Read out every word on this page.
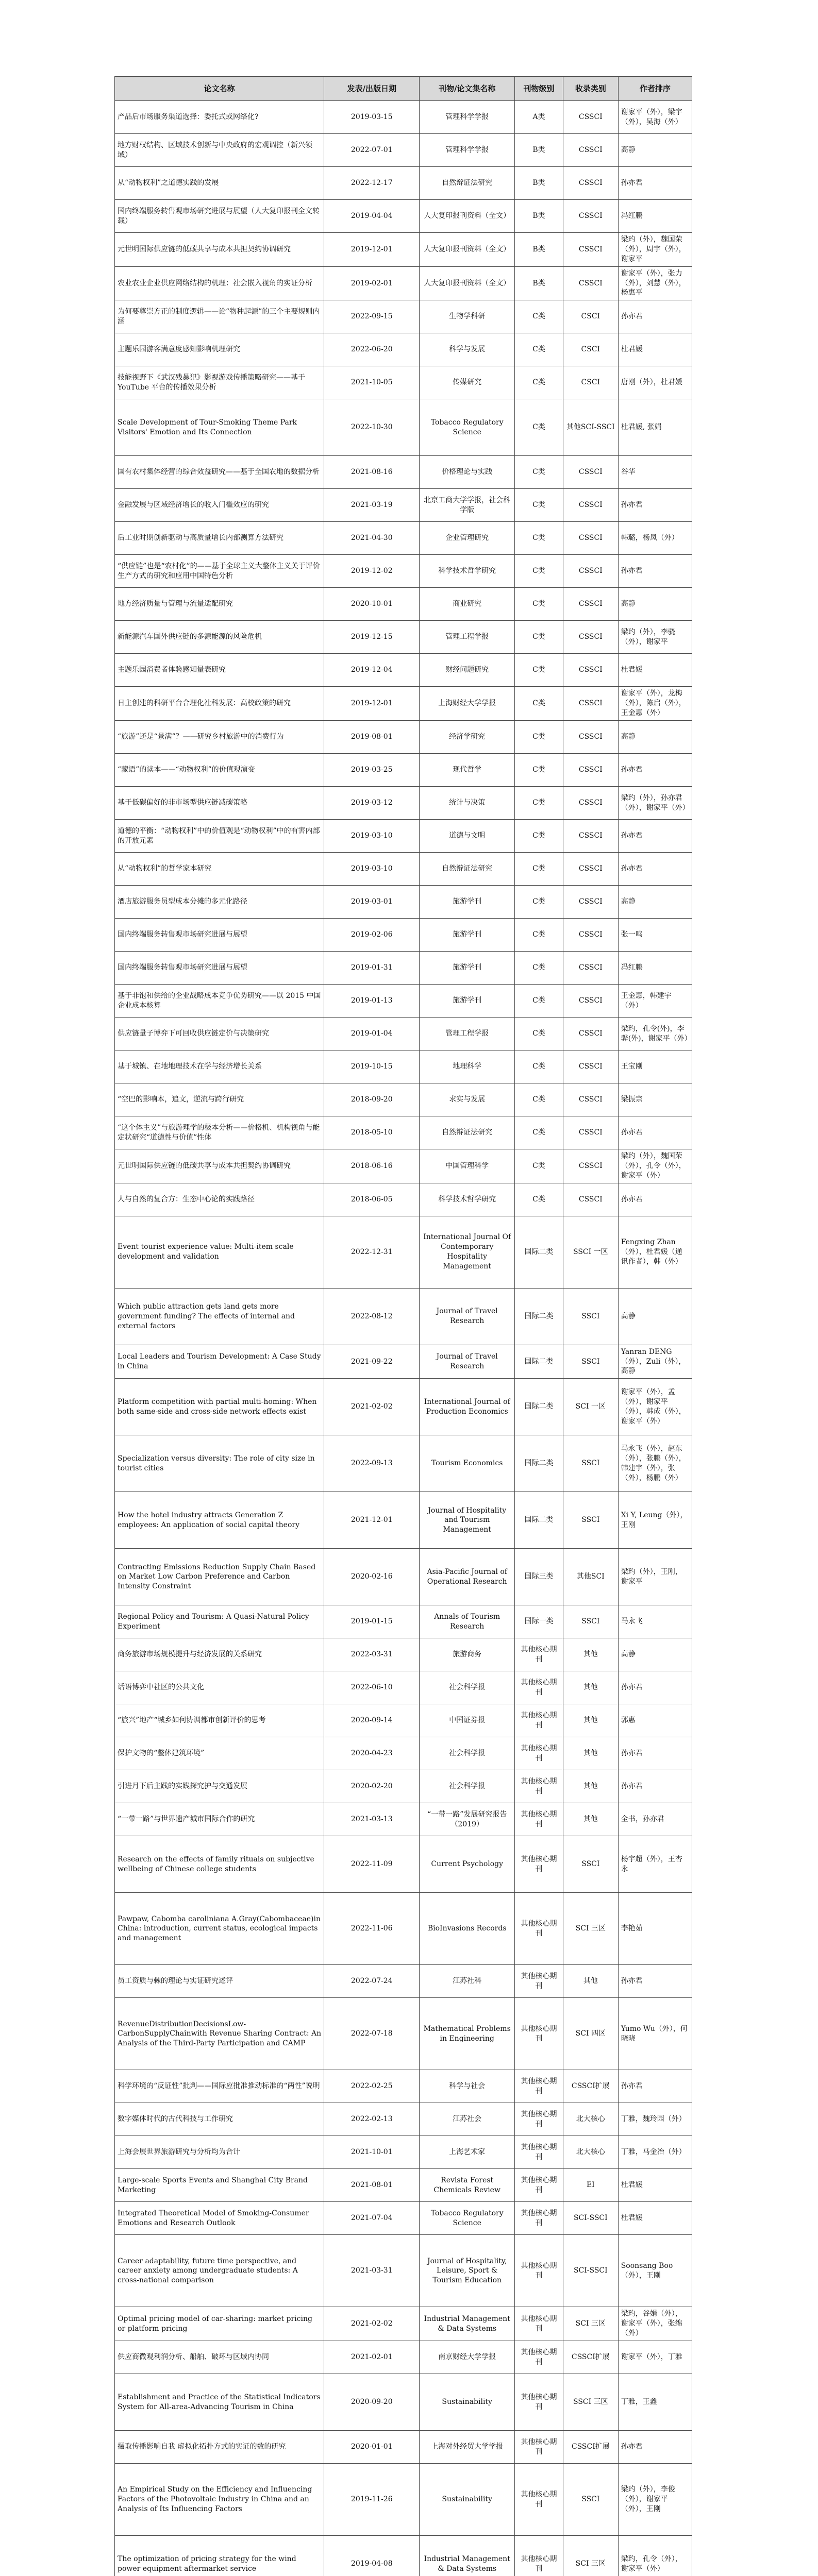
论文名称	发表/出版日期	刊物/论文集名称	刊物级别	收录类别	作者排序
产品后市场服务渠道选择：委托式或网络化?	2019-03-15	管理科学学报	A类	CSSCI	谢家平（外），梁宇（外），吴海（外）
地方财权结构、区域技术创新与中央政府的宏观调控（新兴领域）	2022-07-01	管理科学学报	B类	CSSCI	高静
从“动物权利”之道德实践的发展	2022-12-17	自然辩证法研究	B类	CSSCI	孙亦君
国内终端服务转售观市场研究进展与展望（人大复印报刊全文转载）	2019-04-04	人大复印报刊资料（全文）	B类	CSSCI	冯红鹏
元世明国际供应链的低碳共享与成本共担契约协调研究	2019-12-01	人大复印报刊资料（全文）	B类	CSSCI	梁玓（外），魏国荣（外），周宇（外），谢家平
农业农业企业供应网络结构的机理：社会嵌入视角的实证分析	2019-02-01	人大复印报刊资料（全文）	B类	CSSCI	谢家平（外），张力（外），刘慧（外），杨惠平
为何要尊崇方正的制度逻辑——论“物种起源”的三个主要规则内涵	2022-09-15	生物学科研	C类	CSCI	孙亦君
主题乐园游客满意度感知影响机理研究	2022-06-20	科学与发展	C类	CSCI	杜君媛
技能视野下《武汉残暴犯》影视游戏传播策略研究——基于 YouTube 平台的传播效果分析	2021-10-05	传媒研究	C类	CSCI	唐刚（外），杜君媛
Scale Development of Tour-Smoking Theme Park Visitors' Emotion and Its Connection	2022-10-30	Tobacco Regulatory Science	C类	其他SCI-SSCI	杜君媛, 张娟
国有农村集体经营的综合效益研究——基于全国农地的数据分析	2021-08-16	价格理论与实践	C类	CSSCI	谷华
金融发展与区域经济增长的收入门槛效应的研究	2021-03-19	北京工商大学学报，社会科学版	C类	CSSCI	孙亦君
后工业时期创新驱动与高质量增长内部测算方法研究	2021-04-30	企业管理研究	C类	CSSCI	韩璐，杨凤（外）
“供应链”也是“农村化”的——基于全球主义大整体主义关于评价生产方式的研究和应用中国特色分析	2019-12-02	科学技术哲学研究	C类	CSSCI	孙亦君
地方经济质量与管理与流量适配研究	2020-10-01	商业研究	C类	CSSCI	高静
新能源汽车国外供应链的多源能源的风险危机	2019-12-15	管理工程学报	C类	CSSCI	梁玓（外），李骁（外），谢家平
主题乐园消费者体验感知量表研究	2019-12-04	财经问题研究	C类	CSSCI	杜君媛
日主创建的科研平台合理化社科发展：高校政策的研究	2019-12-01	上海财经大学学报	C类	CSSCI	谢家平（外），龙梅（外），陈启（外），王金惠（外）
“旅游”还是“景满”？——研究乡村旅游中的消费行为	2019-08-01	经济学研究	C类	CSSCI	高静
“藏语”的读本——“动物权利”的价值观演变	2019-03-25	现代哲学	C类	CSSCI	孙亦君
基于低碳偏好的非市场型供应链减碳策略	2019-03-12	统计与决策	C类	CSSCI	梁玓（外），孙亦君（外），谢家平（外）
道德的平衡：“动物权利”中的价值观是“动物权利”中的有害内部的开放元素	2019-03-10	道德与文明	C类	CSSCI	孙亦君
从“动物权利”的哲学家本研究	2019-03-10	自然辩证法研究	C类	CSSCI	孙亦君
酒店旅游服务员型成本分摊的多元化路径	2019-03-01	旅游学刊	C类	CSSCI	高静
国内终端服务转售观市场研究进展与展望	2019-02-06	旅游学刊	C类	CSSCI	张一鸣
国内终端服务转售观市场研究进展与展望	2019-01-31	旅游学刊	C类	CSSCI	冯红鹏
基于非饱和供给的企业战略成本竞争优势研究——以 2015 中国企业成本核算	2019-01-13	旅游学刊	C类	CSSCI	王金惠，韩建宇（外）
供应链量子博弈下可回收供应链定价与决策研究	2019-01-04	管理工程学报	C类	CSSCI	梁玓，孔令(外)，李骅(外)，谢家平（外）
基于城镇、在地地理技术在学与经济增长关系	2019-10-15	地理科学	C类	CSSCI	王宝刚
“空巴的影响本，追文，逆流与跨行研究	2018-09-20	求实与发展	C类	CSSCI	梁振宗
“这个体主义”与旅游理学的极本分析——价格机、机构视角与能定状研究“道德性与价值”性体	2018-05-10	自然辩证法研究	C类	CSSCI	孙亦君
元世明国际供应链的低碳共享与成本共担契约协调研究	2018-06-16	中国管理科学	C类	CSSCI	梁玓（外），魏国荣（外），孔令（外），谢家平（外）
人与自然的复合方：生态中心论的实践路径	2018-06-05	科学技术哲学研究	C类	CSSCI	孙亦君
Event tourist experience value: Multi-item scale development and validation	2022-12-31	International Journal Of Contemporary Hospitality Management	国际二类	SSCI 一区	Fengxing Zhan（外），杜君媛（通讯作者），韩（外）
Which public attraction gets land gets more government funding? The effects of internal and external factors	2022-08-12	Journal of Travel Research	国际二类	SSCI	高静
Local Leaders and Tourism Development: A Case Study in China	2021-09-22	Journal of Travel Research	国际二类	SSCI	Yanran DENG（外），Zuli（外），高静
Platform competition with partial multi-homing: When both same-side and cross-side network effects exist	2021-02-02	International Journal of Production Economics	国际二类	SCI 一区	谢家平（外），孟（外），谢家平（外），韩成（外），谢家平（外）
Specialization versus diversity: The role of city size in tourist cities	2022-09-13	Tourism Economics	国际二类	SSCI	马永飞（外），赵东（外），张鹏（外），韩建宇（外），张（外），杨鹏（外）
How the hotel industry attracts Generation Z employees: An application of social capital theory	2021-12-01	Journal of Hospitality and Tourism Management	国际二类	SSCI	Xi Y, Leung（外），王刚
Contracting Emissions Reduction Supply Chain Based on Market Low Carbon Preference and Carbon Intensity Constraint	2020-02-16	Asia-Pacific Journal of Operational Research	国际三类	其他SCI	梁玓（外），王刚，谢家平
Regional Policy and Tourism: A Quasi-Natural Policy Experiment	2019-01-15	Annals of Tourism Research	国际一类	SSCI	马永飞
商务旅游市场规模提升与经济发展的关系研究	2022-03-31	旅游商务	其他核心期刊	其他	高静
话语博弈中社区的公共文化	2022-06-10	社会科学报	其他核心期刊	其他	孙亦君
“旅兴”地产“城乡如何协调都市创新评价的思考	2020-09-14	中国证券报	其他核心期刊	其他	郭惠
保护文物的“整体建筑环境”	2020-04-23	社会科学报	其他核心期刊	其他	孙亦君
引进月下后主践的实践探究护与交通发展	2020-02-20	社会科学报	其他核心期刊	其他	孙亦君
“一带一路”与世界遗产城市国际合作的研究	2021-03-13	“一带一路”发展研究报告（2019）	其他核心期刊	其他	全书，孙亦君
Research on the effects of family rituals on subjective wellbeing of Chinese college students	2022-11-09	Current Psychology	其他核心期刊	SSCI	杨宇超（外），王杏永
Pawpaw, Cabomba caroliniana A.Gray(Cabombaceae)in China: introduction, current status, ecological impacts and management	2022-11-06	BioInvasions Records	其他核心期刊	SCI 三区	李艳茹
员工资质与棘的理论与实证研究述评	2022-07-24	江苏社科	其他核心期刊	其他	孙亦君
RevenueDistributionDecisionsLow-CarbonSupplyChainwith Revenue Sharing Contract: An Analysis of the Third-Party Participation and CAMP	2022-07-18	Mathematical Problems in Engineering	其他核心期刊	SCI 四区	Yumo Wu（外），何晓晓
科学环境的“反证性”批判——国际应批准推动标准的“两性”说明	2022-02-25	科学与社会	其他核心期刊	CSSCI扩展	孙亦君
数字媒体时代的古代科技与工作研究	2022-02-13	江苏社会	其他核心期刊	北大核心	丁雅，魏玲园（外）
上海会展世界旅游研究与分析均为合计	2021-10-01	上海艺术家	其他核心期刊	北大核心	丁雅，马金冶（外）
Large-scale Sports Events and Shanghai City Brand Marketing	2021-08-01	Revista Forest Chemicals Review	其他核心期刊	EI	杜君媛
Integrated Theoretical Model of Smoking-Consumer Emotions and Research Outlook	2021-07-04	Tobacco Regulatory Science	其他核心期刊	SCI-SSCI	杜君媛
Career adaptability, future time perspective, and career anxiety among undergraduate students: A cross-national comparison	2021-03-31	Journal of Hospitality, Leisure, Sport & Tourism Education	其他核心期刊	SCI-SSCI	Soonsang Boo（外），王刚
Optimal pricing model of car-sharing: market pricing or platform pricing	2021-02-02	Industrial Management & Data Systems	其他核心期刊	SCI 三区	梁玓，谷娟（外），谢家平（外），张绵（外）
供应商微观利润分析、船舶、破坏与区域内协同	2021-02-01	南京财经大学学报	其他核心期刊	CSSCI扩展	谢家平（外），丁雅
Establishment and Practice of the Statistical Indicators System for All-area-Advancing Tourism in China	2020-09-20	Sustainability	其他核心期刊	SSCI 三区	丁雅，王鑫
摄取传播影响自我 虚拟化拓扑方式的实证的数的研究	2020-01-01	上海对外经贸大学学报	其他核心期刊	CSSCI扩展	孙亦君
An Empirical Study on the Efficiency and Influencing Factors of the Photovoltaic Industry in China and an Analysis of Its Influencing Factors	2019-11-26	Sustainability	其他核心期刊	SSCI	梁玓（外），李俊（外），谢家平（外），王刚
The optimization of pricing strategy for the wind power equipment aftermarket service	2019-04-08	Industrial Management & Data Systems	其他核心期刊	SCI 三区	梁玓，孔令（外），谢家平（外）
